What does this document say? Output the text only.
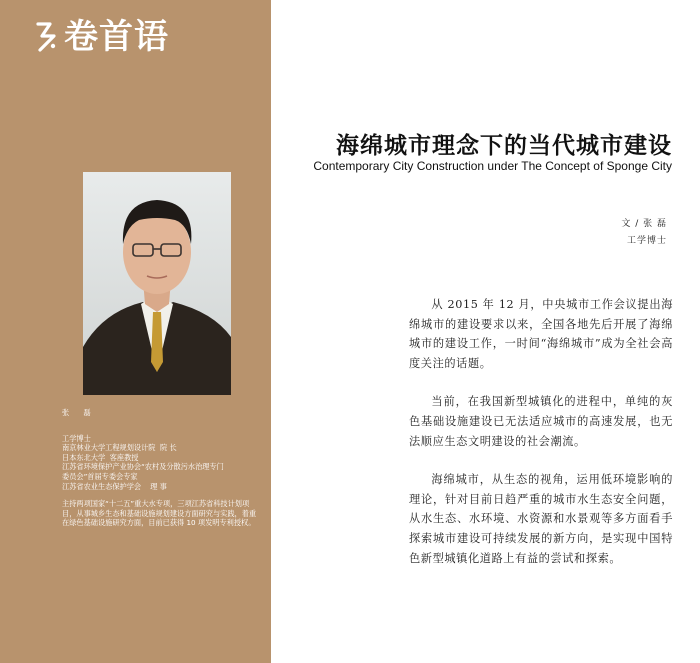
卷首语
张 磊
工学博士
南京林业大学工程规划设计院  院 长
日本东北大学  客座教授
江苏省环境保护产业协会“农村及分散污水治理专门
委员会”首届专委会专家
江苏省农业生态保护学会    理 事
主持两项国家“十二五”重大水专项，三项江苏省科技计划项目，从事城乡生态和基础设施规划建设方面研究与实践，着重在绿色基础设施研究方面，目前已获得 10 项发明专利授权。
海绵城市理念下的当代城市建设
Contemporary City Construction under The Concept of Sponge City
文 / 张 磊
工学博士

从 2015 年 12 月，中央城市工作会议提出海绵城市的建设要求以来，全国各地先后开展了海绵城市的建设工作，一时间“海绵城市”成为全社会高度关注的话题。

当前，在我国新型城镇化的进程中，单纯的灰色基础设施建设已无法适应城市的高速发展，也无法顺应生态文明建设的社会潮流。

海绵城市，从生态的视角，运用低环境影响的理论，针对目前日趋严重的城市水生态安全问题，从水生态、水环境、水资源和水景观等多方面看手探索城市建设可持续发展的新方向，是实现中国特色新型城镇化道路上有益的尝试和探索。
